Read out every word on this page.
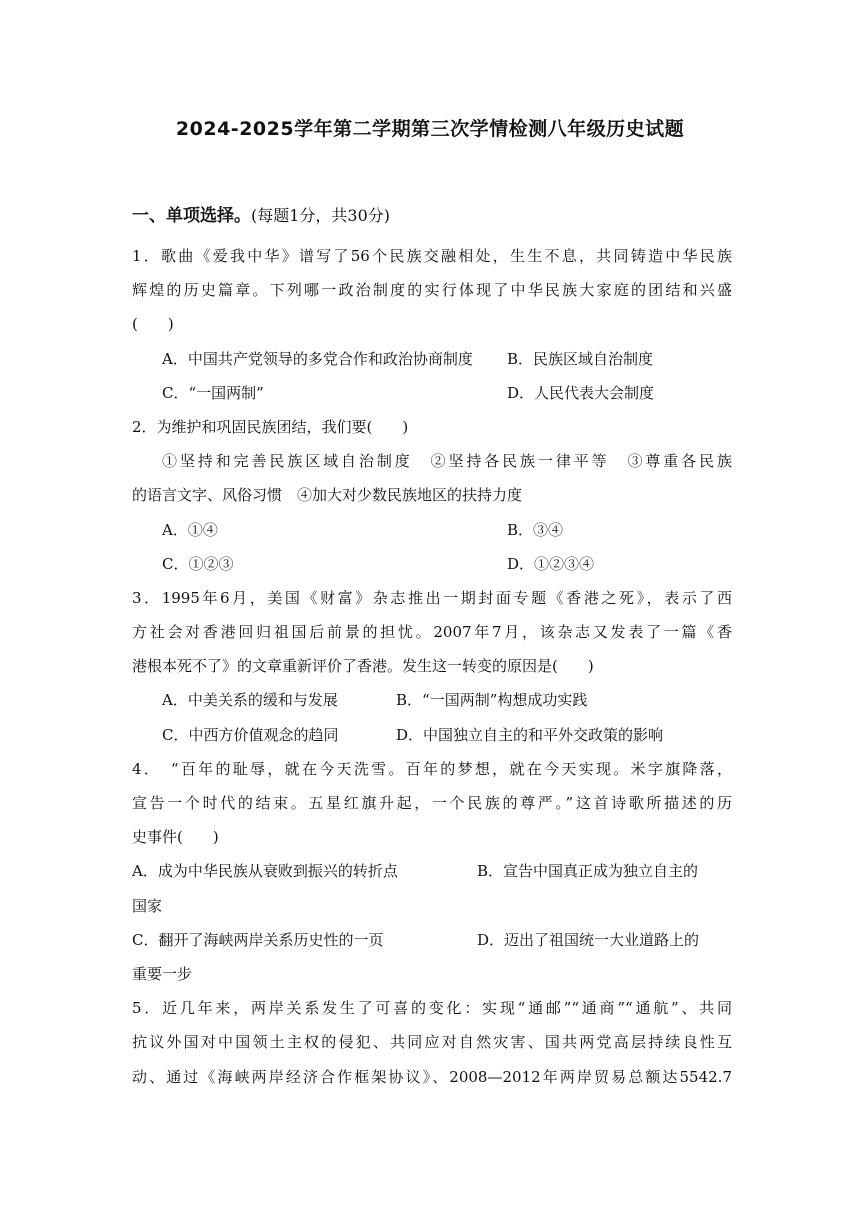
2024-2025学年第二学期第三次学情检测八年级历史试题
一、单项选择。(每题1分，共30分)
1．歌曲《爱我中华》谱写了56个民族交融相处，生生不息，共同铸造中华民族
辉煌的历史篇章。下列哪一政治制度的实行体现了中华民族大家庭的团结和兴盛
(　　)
A．中国共产党领导的多党合作和政治协商制度	B．民族区域自治制度
C．“一国两制”	D．人民代表大会制度
2．为维护和巩固民族团结，我们要(　　)
①坚持和完善民族区域自治制度　②坚持各民族一律平等　③尊重各民族
的语言文字、风俗习惯　④加大对少数民族地区的扶持力度
A．①④	B．③④
C．①②③	D．①②③④
3．1995年6月，美国《财富》杂志推出一期封面专题《香港之死》，表示了西
方社会对香港回归祖国后前景的担忧。2007年7月，该杂志又发表了一篇《香
港根本死不了》的文章重新评价了香港。发生这一转变的原因是(　　)
A．中美关系的缓和与发展	B．“一国两制”构想成功实践
C．中西方价值观念的趋同	D．中国独立自主的和平外交政策的影响
4．　“百年的耻辱，就在今天洗雪。百年的梦想，就在今天实现。米字旗降落，
宣告一个时代的结束。五星红旗升起，一个民族的尊严。”这首诗歌所描述的历
史事件(　　)
A．成为中华民族从衰败到振兴的转折点	B．宣告中国真正成为独立自主的
国家
C．翻开了海峡两岸关系历史性的一页	D．迈出了祖国统一大业道路上的
重要一步
5．近几年来，两岸关系发生了可喜的变化：实现“通邮”“通商”“通航”、共同
抗议外国对中国领土主权的侵犯、共同应对自然灾害、国共两党高层持续良性互
动、通过《海峡两岸经济合作框架协议》、2008—2012年两岸贸易总额达5542.7
